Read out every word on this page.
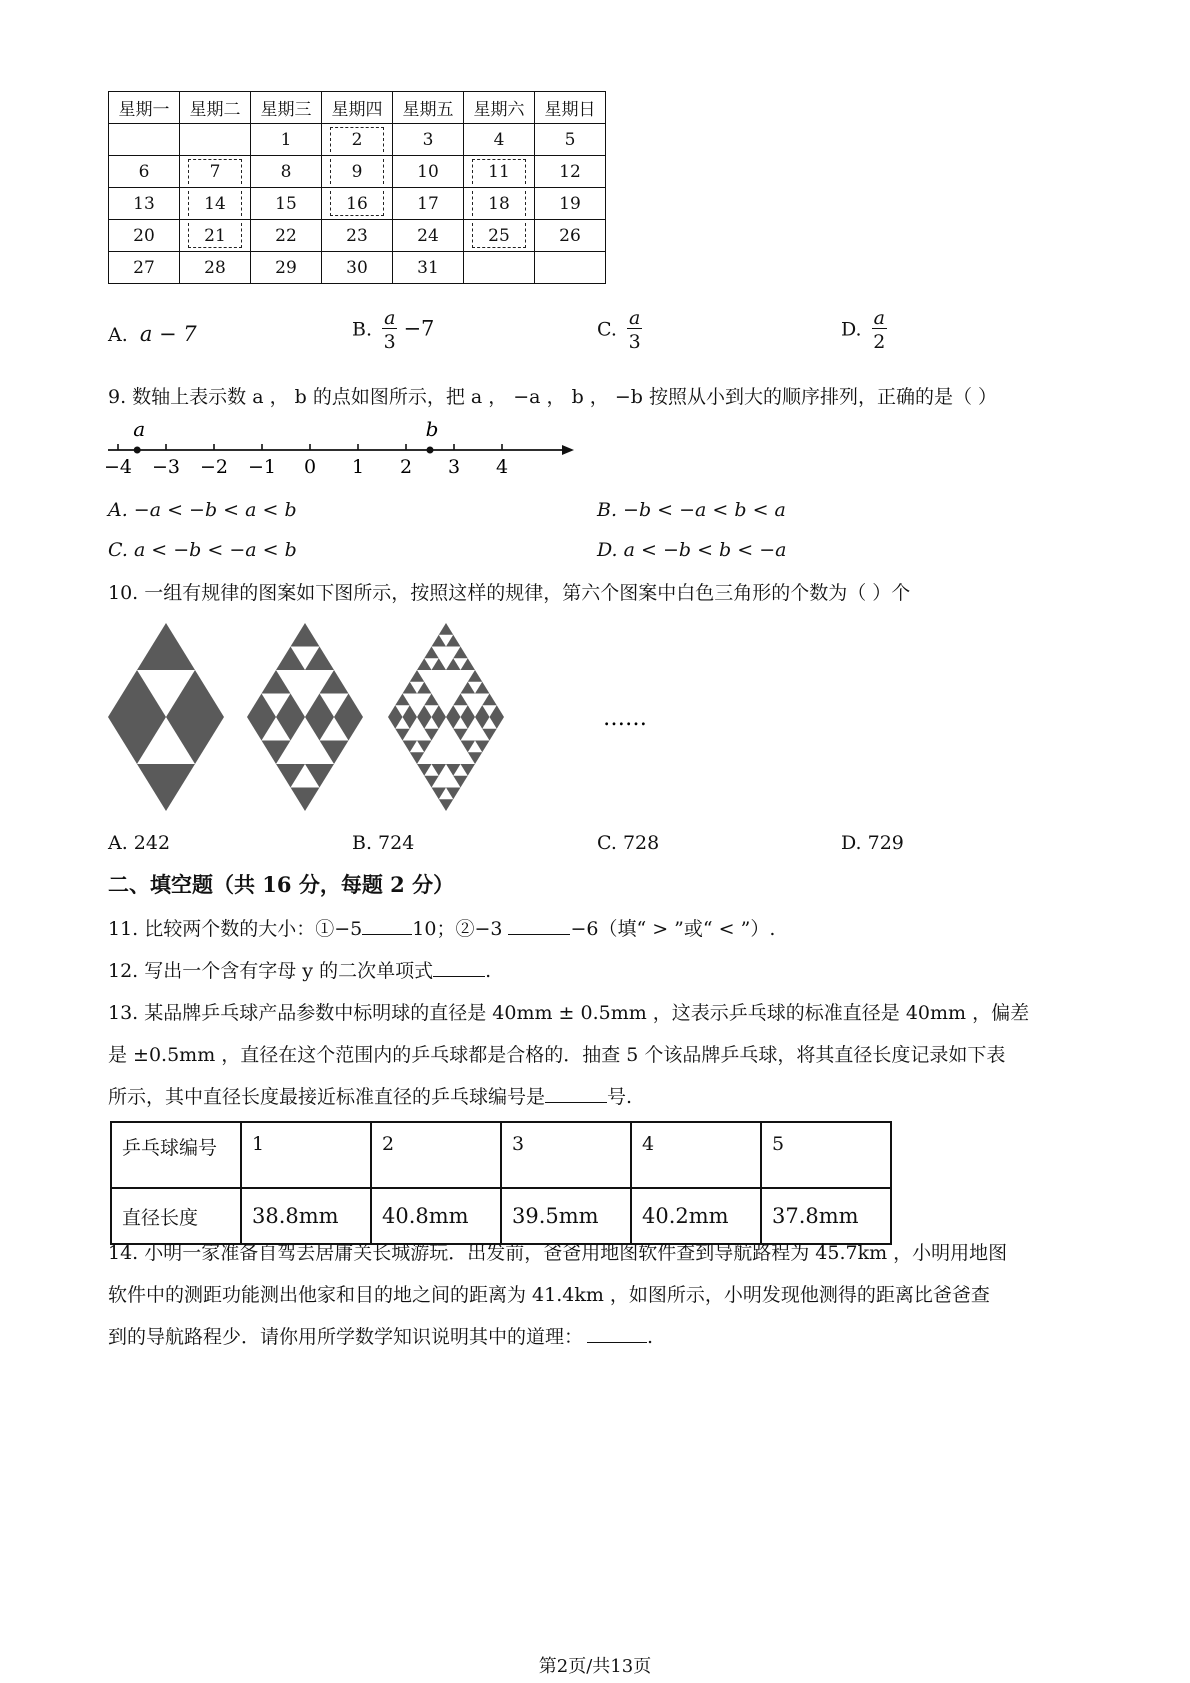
星期一	星期二	星期三	星期四	星期五	星期六	星期日
		1	2	3	4	5
6	7	8	9	10	11	12
13	14	15	16	17	18	19
20	21	22	23	24	25	26
27	28	29	30	31		
A. a − 7	B. $\frac{a}{3} -7$	C. $\frac{a}{3}$	D. $\frac{a}{2}$
9. 数轴上表示数 a ， b 的点如图所示，把 a ， −a ， b ， −b 按照从小到大的顺序排列，正确的是（ ）
−4 −3 −2 −1 0 1 2 3 4
a	b
A. −a < −b < a < b	B. −b < −a < b < a
C. a < −b < −a < b	D. a < −b < b < −a
10. 一组有规律的图案如下图所示，按照这样的规律，第六个图案中白色三角形的个数为（ ）个
……
A. 242	B. 724	C. 728	D. 729
二、填空题（共 16 分，每题 2 分）
11. 比较两个数的大小：①−5	10；②−3	−6（填“ > ”或“ < ”）.
12. 写出一个含有字母 y 的二次单项式	.
13. 某品牌乒乓球产品参数中标明球的直径是 40mm ± 0.5mm ，这表示乒乓球的标准直径是 40mm ，偏差
是 ±0.5mm ，直径在这个范围内的乒乓球都是合格的．抽查 5 个该品牌乒乓球，将其直径长度记录如下表
所示，其中直径长度最接近标准直径的乒乓球编号是	号.
乒乓球编号	1	2	3	4	5
直径长度	38.8mm	40.8mm	39.5mm	40.2mm	37.8mm
14. 小明一家准备自驾去居庸关长城游玩．出发前，爸爸用地图软件查到导航路程为 45.7km ，小明用地图
软件中的测距功能测出他家和目的地之间的距离为 41.4km ，如图所示，小明发现他测得的距离比爸爸查
到的导航路程少．请你用所学数学知识说明其中的道理：	.
第2页/共13页
